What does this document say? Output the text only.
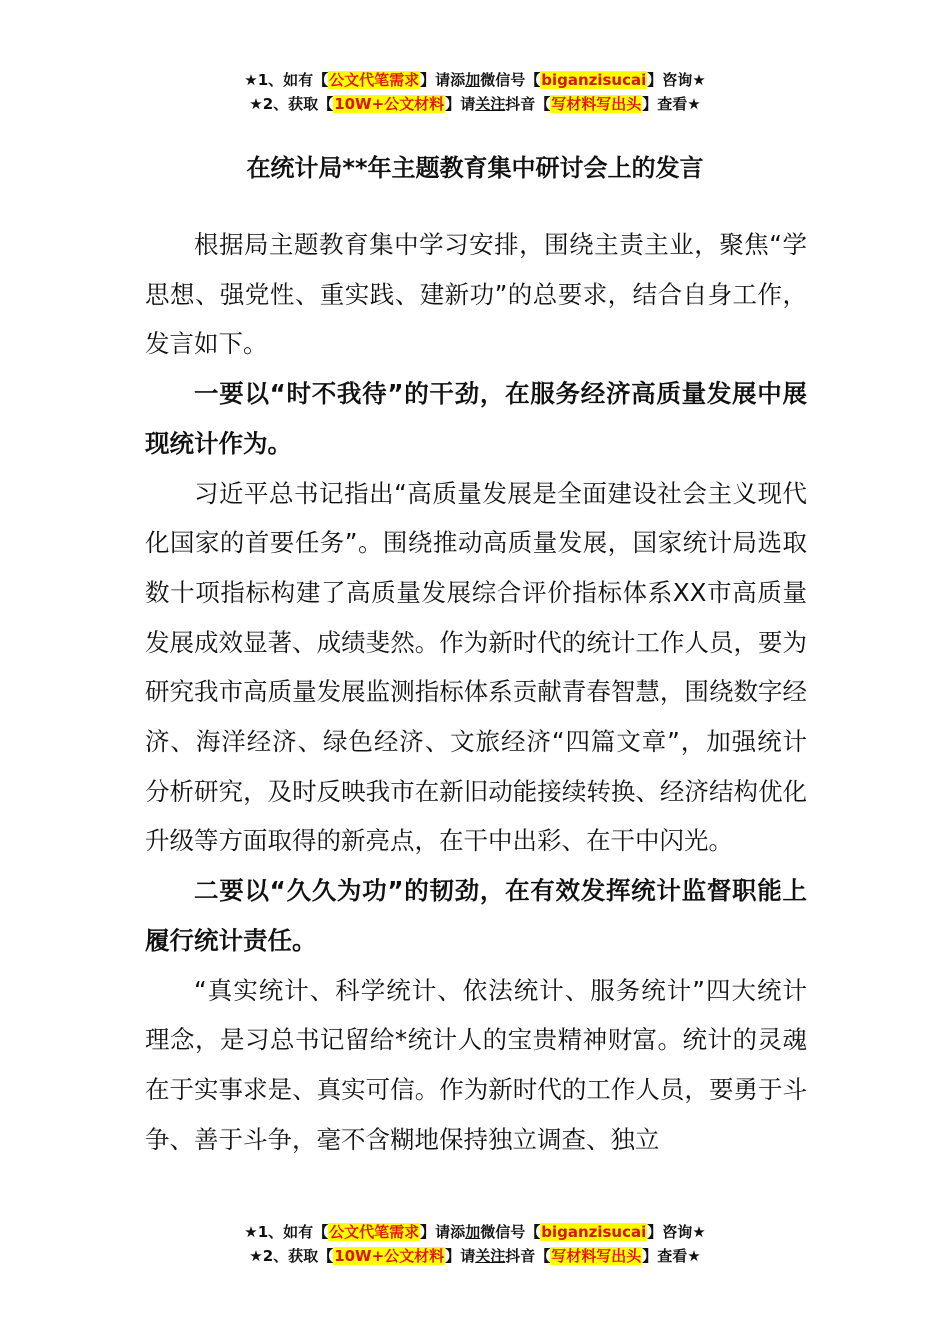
★1、如有【公文代笔需求】请添加微信号【biganzisucai】咨询★
★2、获取【10W+公文材料】请关注抖音【写材料写出头】查看★
在统计局**年主题教育集中研讨会上的发言

根据局主题教育集中学习安排，围绕主责主业，聚焦“学思想、强党性、重实践、建新功”的总要求，结合自身工作，发言如下。

一要以“时不我待”的干劲，在服务经济高质量发展中展现统计作为。

习近平总书记指出“高质量发展是全面建设社会主义现代化国家的首要任务”。围绕推动高质量发展，国家统计局选取数十项指标构建了高质量发展综合评价指标体系XX市高质量发展成效显著、成绩斐然。作为新时代的统计工作人员，要为研究我市高质量发展监测指标体系贡献青春智慧，围绕数字经济、海洋经济、绿色经济、文旅经济“四篇文章”，加强统计分析研究，及时反映我市在新旧动能接续转换、经济结构优化升级等方面取得的新亮点，在干中出彩、在干中闪光。

二要以“久久为功”的韧劲，在有效发挥统计监督职能上履行统计责任。

“真实统计、科学统计、依法统计、服务统计”四大统计理念，是习总书记留给*统计人的宝贵精神财富。统计的灵魂在于实事求是、真实可信。作为新时代的工作人员，要勇于斗争、善于斗争，毫不含糊地保持独立调查、独立

★1、如有【公文代笔需求】请添加微信号【biganzisucai】咨询★
★2、获取【10W+公文材料】请关注抖音【写材料写出头】查看★
